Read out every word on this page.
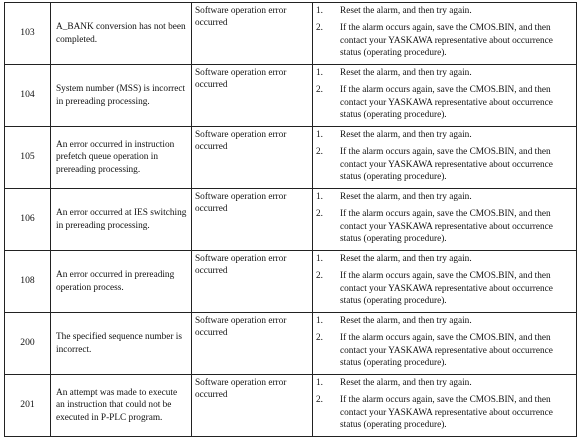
103	A_BANK conversion has not been completed.	Software operation error occurred	1. Reset the alarm, and then try again.
2. If the alarm occurs again, save the CMOS.BIN, and then contact your YASKAWA representative about occurrence status (operating procedure).

104	System number (MSS) is incorrect in prereading processing.	Software operation error occurred	1. Reset the alarm, and then try again.
2. If the alarm occurs again, save the CMOS.BIN, and then contact your YASKAWA representative about occurrence status (operating procedure).

105	An error occurred in instruction prefetch queue operation in prereading processing.	Software operation error occurred	1. Reset the alarm, and then try again.
2. If the alarm occurs again, save the CMOS.BIN, and then contact your YASKAWA representative about occurrence status (operating procedure).

106	An error occurred at IES switching in prereading processing.	Software operation error occurred	1. Reset the alarm, and then try again.
2. If the alarm occurs again, save the CMOS.BIN, and then contact your YASKAWA representative about occurrence status (operating procedure).

108	An error occurred in prereading operation process.	Software operation error occurred	1. Reset the alarm, and then try again.
2. If the alarm occurs again, save the CMOS.BIN, and then contact your YASKAWA representative about occurrence status (operating procedure).

200	The specified sequence number is incorrect.	Software operation error occurred	1. Reset the alarm, and then try again.
2. If the alarm occurs again, save the CMOS.BIN, and then contact your YASKAWA representative about occurrence status (operating procedure).

201	An attempt was made to execute an instruction that could not be executed in P-PLC program.	Software operation error occurred	1. Reset the alarm, and then try again.
2. If the alarm occurs again, save the CMOS.BIN, and then contact your YASKAWA representative about occurrence status (operating procedure).
